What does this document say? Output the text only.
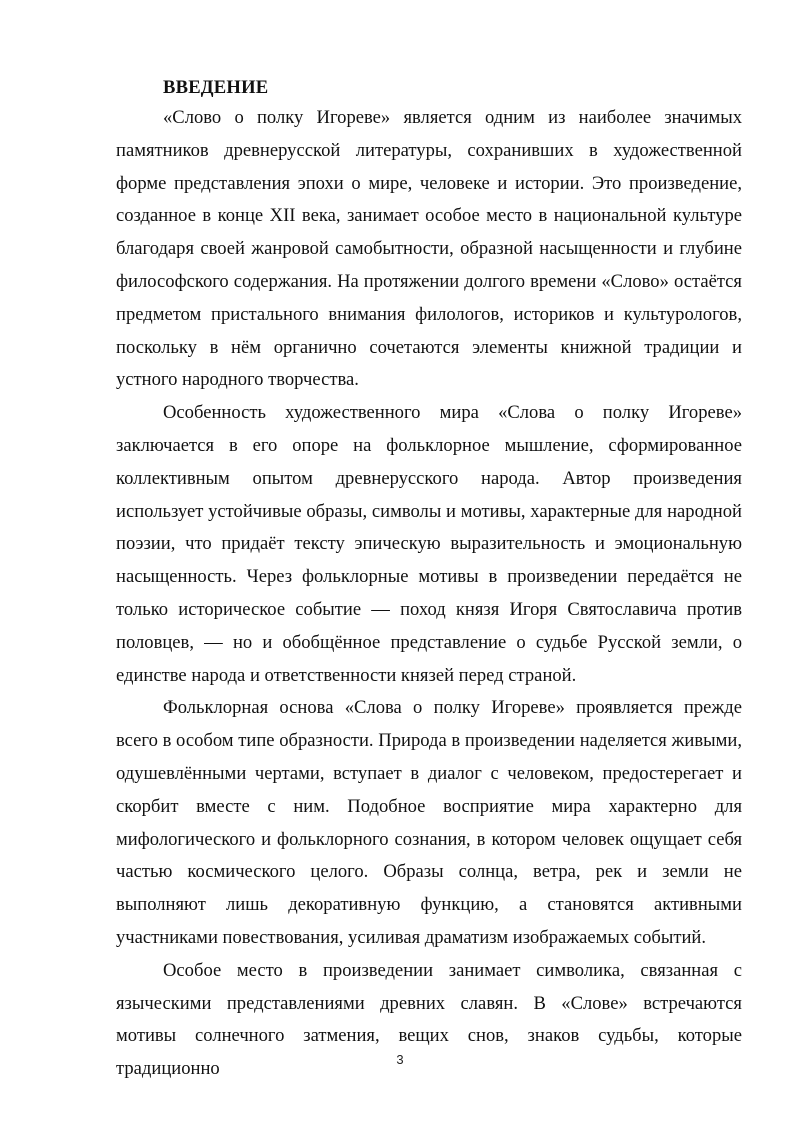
ВВЕДЕНИЕ

«Слово о полку Игореве» является одним из наиболее значимых памятников древнерусской литературы, сохранивших в художественной форме представления эпохи о мире, человеке и истории. Это произведение, созданное в конце XII века, занимает особое место в национальной культуре благодаря своей жанровой самобытности, образной насыщенности и глубине философского содержания. На протяжении долгого времени «Слово» остаётся предметом пристального внимания филологов, историков и культурологов, поскольку в нём органично сочетаются элементы книжной традиции и устного народного творчества.

Особенность художественного мира «Слова о полку Игореве» заключается в его опоре на фольклорное мышление, сформированное коллективным опытом древнерусского народа. Автор произведения использует устойчивые образы, символы и мотивы, характерные для народной поэзии, что придаёт тексту эпическую выразительность и эмоциональную насыщенность. Через фольклорные мотивы в произведении передаётся не только историческое событие — поход князя Игоря Святославича против половцев, — но и обобщённое представление о судьбе Русской земли, о единстве народа и ответственности князей перед страной.

Фольклорная основа «Слова о полку Игореве» проявляется прежде всего в особом типе образности. Природа в произведении наделяется живыми, одушевлёнными чертами, вступает в диалог с человеком, предостерегает и скорбит вместе с ним. Подобное восприятие мира характерно для мифологического и фольклорного сознания, в котором человек ощущает себя частью космического целого. Образы солнца, ветра, рек и земли не выполняют лишь декоративную функцию, а становятся активными участниками повествования, усиливая драматизм изображаемых событий.

Особое место в произведении занимает символика, связанная с языческими представлениями древних славян. В «Слове» встречаются мотивы солнечного затмения, вещих снов, знаков судьбы, которые традиционно	3
